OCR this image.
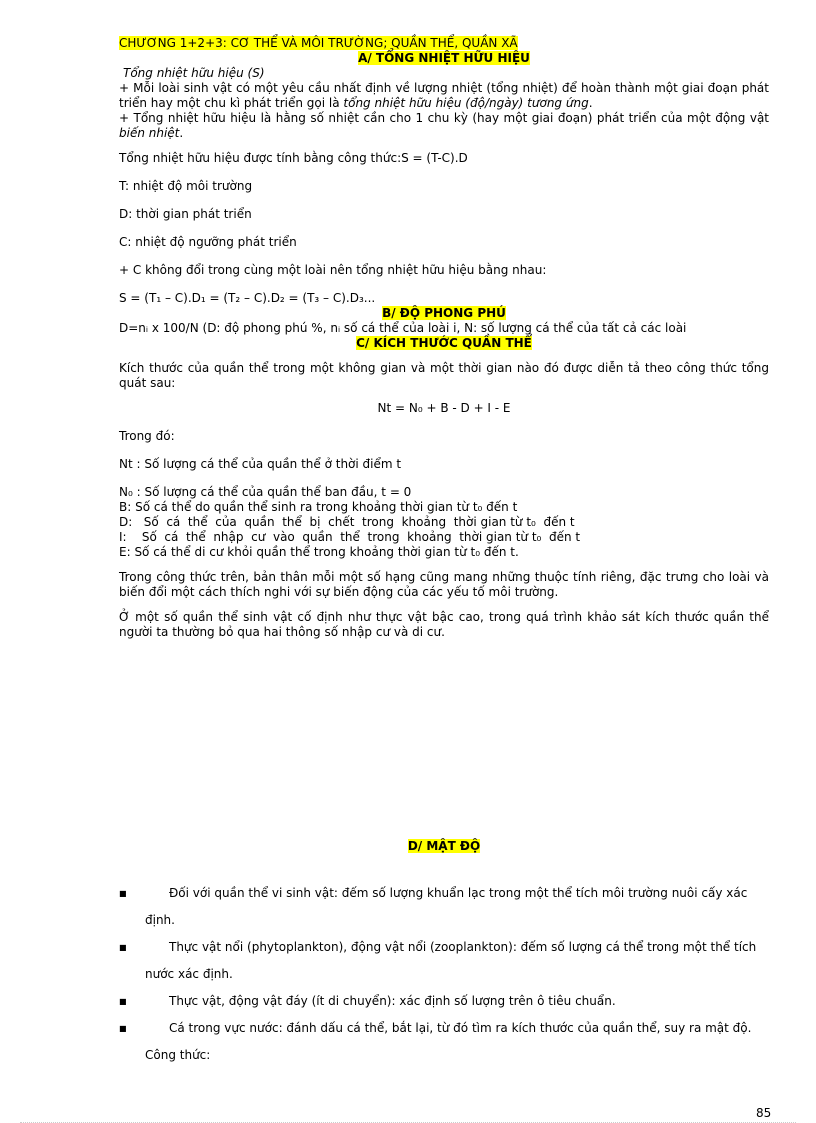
CHƯƠNG 1+2+3: CƠ THỂ VÀ MÔI TRƯỜNG; QUẦN THỂ, QUẦN XÃ
A/ TỔNG NHIỆT HỮU HIỆU

Tổng nhiệt hữu hiệu (S)

+ Mỗi loài sinh vật có một yêu cầu nhất định về lượng nhiệt (tổng nhiệt) để hoàn thành một giai đoạn phát triển hay một chu kì phát triển gọi là tổng nhiệt hữu hiệu (độ/ngày) tương ứng.

+ Tổng nhiệt hữu hiệu là hằng số nhiệt cần cho 1 chu kỳ (hay một giai đoạn) phát triển của một động vật biến nhiệt.

Tổng nhiệt hữu hiệu được tính bằng công thức:S = (T-C).D

T: nhiệt độ môi trường

D: thời gian phát triển

C: nhiệt độ ngưỡng phát triển

+ C không đổi trong cùng một loài nên tổng nhiệt hữu hiệu bằng nhau:

S = (T₁ – C).D₁ = (T₂ – C).D₂ = (T₃ – C).D₃...

B/ ĐỘ PHONG PHÚ

D=nᵢ x 100/N (D: độ phong phú %, nᵢ số cá thể của loài i, N: số lượng cá thể của tất cả các loài

C/ KÍCH THƯỚC QUẦN THỂ

Kích thước của quần thể trong một không gian và một thời gian nào đó được diễn tả theo công thức tổng quát sau:

Nt = N₀ + B - D + I - E

Trong đó:

Nt : Số lượng cá thể của quần thể ở thời điểm t

N₀ : Số lượng cá thể của quần thể ban đầu, t = 0

B: Số cá thể do quần thể sinh ra trong khoảng thời gian từ t₀ đến t

D:   Số  cá  thể  của  quần  thể  bị  chết  trong  khoảng  thời gian từ t₀  đến t

I:    Số  cá  thể  nhập  cư  vào  quần  thể  trong  khoảng  thời gian từ t₀  đến t

E: Số cá thể di cư khỏi quần thể trong khoảng thời gian từ t₀ đến t.

Trong công thức trên, bản thân mỗi một số hạng cũng mang những thuộc tính riêng, đặc trưng cho loài và biến đổi một cách thích nghi với sự biến động của các yếu tố môi trường.

Ở một số quần thể sinh vật cố định như thực vật bậc cao, trong quá trình khảo sát kích thước quần thể người ta thường bỏ qua hai thông số nhập cư và di cư.

D/ MẬT ĐỘ
■	Đối với quần thể vi sinh vật: đếm số lượng khuẩn lạc trong một thể tích môi trường nuôi cấy xác định.
■	Thực vật nổi (phytoplankton), động vật nổi (zooplankton): đếm số lượng cá thể trong một thể tích nước xác định.
■	Thực vật, động vật đáy (ít di chuyển): xác định số lượng trên ô tiêu chuẩn.
■	Cá trong vực nước: đánh dấu cá thể, bắt lại, từ đó tìm ra kích thước của quần thể, suy ra mật độ.

Công thức:

85
